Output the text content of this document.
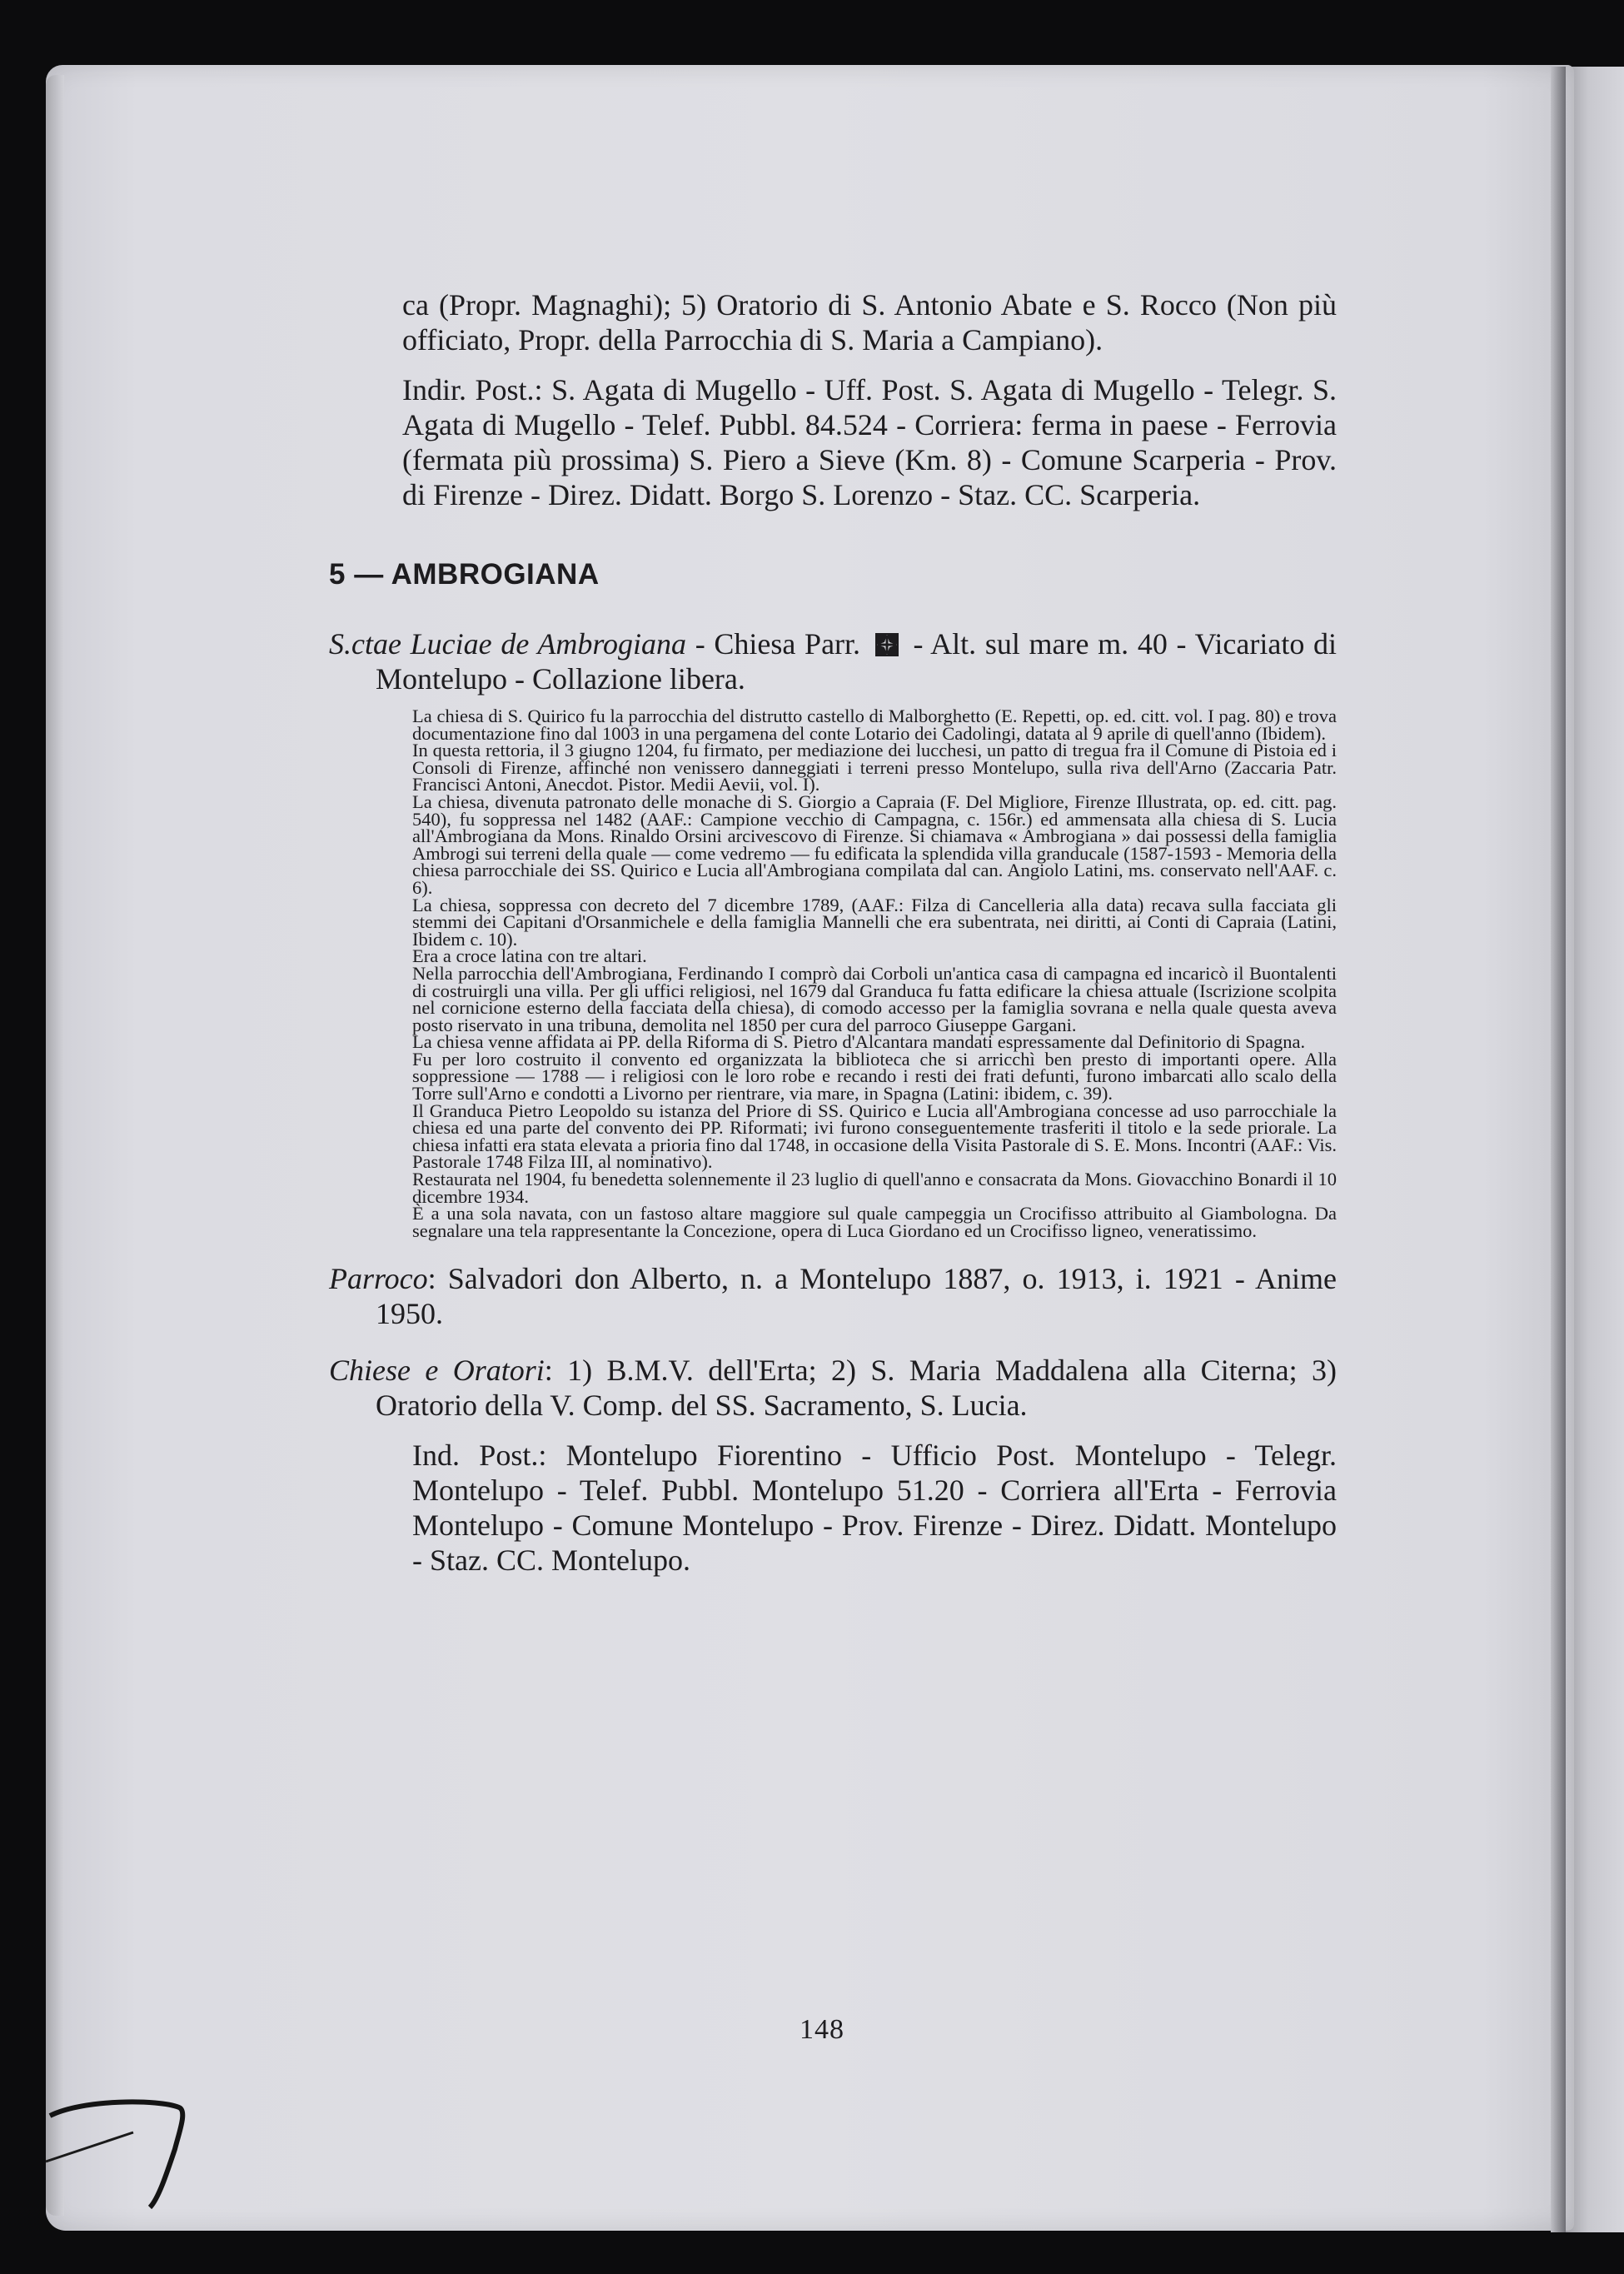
ca (Propr. Magnaghi); 5) Oratorio di S. Antonio Abate e S. Rocco (Non più officiato, Propr. della Parrocchia di S. Maria a Campiano).

Indir. Post.: S. Agata di Mugello - Uff. Post. S. Agata di Mugello - Telegr. S. Agata di Mugello - Telef. Pubbl. 84.524 - Corriera: ferma in paese - Ferrovia (fermata più prossima) S. Piero a Sieve (Km. 8) - Comune Scarperia - Prov. di Firenze - Direz. Didatt. Borgo S. Lorenzo - Staz. CC. Scarperia.

5 — AMBROGIANA

S.ctae Luciae de Ambrogiana - Chiesa Parr. - Alt. sul mare m. 40 - Vicariato di Montelupo - Collazione libera.

La chiesa di S. Quirico fu la parrocchia del distrutto castello di Malborghetto (E. Repetti, op. ed. citt. vol. I pag. 80) e trova documentazione fino dal 1003 in una pergamena del conte Lotario dei Cadolingi, datata al 9 aprile di quell'anno (Ibidem).

In questa rettoria, il 3 giugno 1204, fu firmato, per mediazione dei lucchesi, un patto di tregua fra il Comune di Pistoia ed i Consoli di Firenze, affinché non venissero danneggiati i terreni presso Montelupo, sulla riva dell'Arno (Zaccaria Patr. Francisci Antoni, Anecdot. Pistor. Medii Aevii, vol. I).

La chiesa, divenuta patronato delle monache di S. Giorgio a Capraia (F. Del Migliore, Firenze Illustrata, op. ed. citt. pag. 540), fu soppressa nel 1482 (AAF.: Campione vecchio di Campagna, c. 156r.) ed ammensata alla chiesa di S. Lucia all'Ambrogiana da Mons. Rinaldo Orsini arcivescovo di Firenze. Si chiamava « Ambrogiana » dai possessi della famiglia Ambrogi sui terreni della quale — come vedremo — fu edificata la splendida villa granducale (1587-1593 - Memoria della chiesa parrocchiale dei SS. Quirico e Lucia all'Ambrogiana compilata dal can. Angiolo Latini, ms. conservato nell'AAF. c. 6).

La chiesa, soppressa con decreto del 7 dicembre 1789, (AAF.: Filza di Cancelleria alla data) recava sulla facciata gli stemmi dei Capitani d'Orsanmichele e della famiglia Mannelli che era subentrata, nei diritti, ai Conti di Capraia (Latini, Ibidem c. 10).

Era a croce latina con tre altari.

Nella parrocchia dell'Ambrogiana, Ferdinando I comprò dai Corboli un'antica casa di campagna ed incaricò il Buontalenti di costruirgli una villa. Per gli uffici religiosi, nel 1679 dal Granduca fu fatta edificare la chiesa attuale (Iscrizione scolpita nel cornicione esterno della facciata della chiesa), di comodo accesso per la famiglia sovrana e nella quale questa aveva posto riservato in una tribuna, demolita nel 1850 per cura del parroco Giuseppe Gargani.

La chiesa venne affidata ai PP. della Riforma di S. Pietro d'Alcantara mandati espressamente dal Definitorio di Spagna.

Fu per loro costruito il convento ed organizzata la biblioteca che si arricchì ben presto di importanti opere. Alla soppressione — 1788 — i religiosi con le loro robe e recando i resti dei frati defunti, furono imbarcati allo scalo della Torre sull'Arno e condotti a Livorno per rientrare, via mare, in Spagna (Latini: ibidem, c. 39).

Il Granduca Pietro Leopoldo su istanza del Priore di SS. Quirico e Lucia all'Ambrogiana concesse ad uso parrocchiale la chiesa ed una parte del convento dei PP. Riformati; ivi furono conseguentemente trasferiti il titolo e la sede priorale. La chiesa infatti era stata elevata a prioria fino dal 1748, in occasione della Visita Pastorale di S. E. Mons. Incontri (AAF.: Vis. Pastorale 1748 Filza III, al nominativo).

Restaurata nel 1904, fu benedetta solennemente il 23 luglio di quell'anno e consacrata da Mons. Giovacchino Bonardi il 10 dicembre 1934.

È a una sola navata, con un fastoso altare maggiore sul quale campeggia un Crocifisso attribuito al Giambologna. Da segnalare una tela rappresentante la Concezione, opera di Luca Giordano ed un Crocifisso ligneo, veneratissimo.

Parroco: Salvadori don Alberto, n. a Montelupo 1887, o. 1913, i. 1921 - Anime 1950.

Chiese e Oratori: 1) B.M.V. dell'Erta; 2) S. Maria Maddalena alla Citerna; 3) Oratorio della V. Comp. del SS. Sacramento, S. Lucia.

Ind. Post.: Montelupo Fiorentino - Ufficio Post. Montelupo - Telegr. Montelupo - Telef. Pubbl. Montelupo 51.20 - Corriera all'Erta - Ferrovia Montelupo - Comune Montelupo - Prov. Firenze - Direz. Didatt. Montelupo - Staz. CC. Montelupo.

148
